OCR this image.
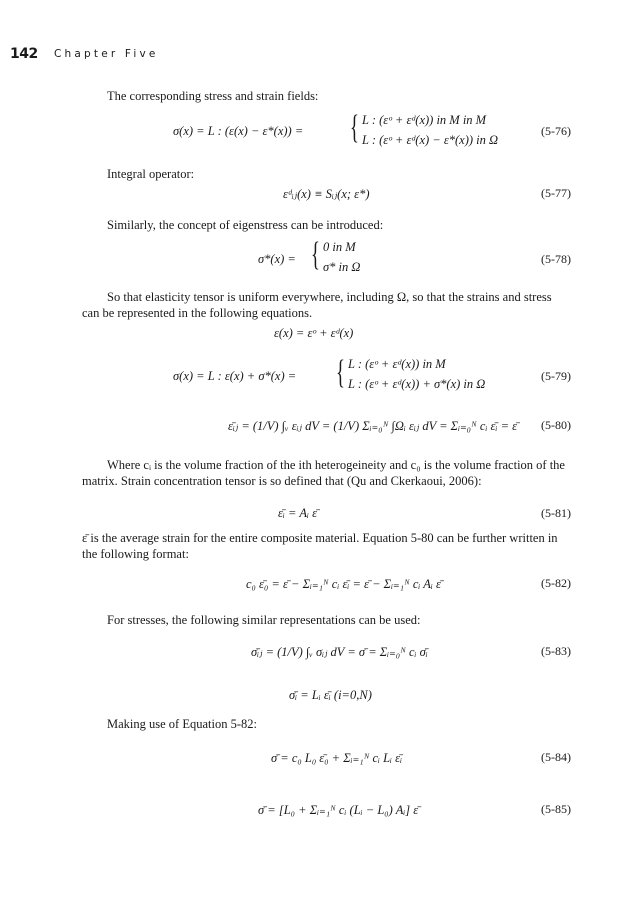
142 Chapter Five
The corresponding stress and strain fields:
σ(x) = L : (ε(x) − ε*(x)) = { L : (εᵒ + εᵈ(x)) in M in M
L : (εᵒ + εᵈ(x) − ε*(x)) in Ω
(5-76)
Integral operator:
εᵈᵢⱼ(x) ≡ Sᵢⱼ(x; ε*)	(5-77)
Similarly, the concept of eigenstress can be introduced:
σ*(x) = { 0 in M
σ* in Ω
(5-78)
So that elasticity tensor is uniform everywhere, including Ω, so that the strains and stress can be represented in the following equations.
ε(x) = εᵒ + εᵈ(x)
σ(x) = L : ε(x) + σ*(x) = { L : (εᵒ + εᵈ(x)) in M
L : (εᵒ + εᵈ(x)) + σ*(x) in Ω
(5-79)
ε̄ᵢⱼ = (1/V) ∫ᵥ εᵢⱼ dV = (1/V) Σᵢ₌₀ᴺ ∫Ωᵢ εᵢⱼ dV = Σᵢ₌₀ᴺ cᵢ ε̄ᵢ = ε̄ (5-80)
Where cᵢ is the volume fraction of the ith heterogeineity and c₀ is the volume fraction of the matrix. Strain concentration tensor is so defined that (Qu and Ckerkaoui, 2006):
ε̄ᵢ = Aᵢ ε̄	(5-81)
ε̄ is the average strain for the entire composite material. Equation 5-80 can be further written in the following format:
c₀ ε̄₀ = ε̄ − Σᵢ₌₁ᴺ cᵢ ε̄ᵢ = ε̄ − Σᵢ₌₁ᴺ cᵢ Aᵢ ε̄	(5-82)
For stresses, the following similar representations can be used:
σ̄ᵢⱼ = (1/V) ∫ᵥ σᵢⱼ dV = σ̄ = Σᵢ₌₀ᴺ cᵢ σ̄ᵢ	(5-83)
σ̄ᵢ = Lᵢ ε̄ᵢ (i=0,N)
Making use of Equation 5-82:
σ̄ = c₀ L₀ ε̄₀ + Σᵢ₌₁ᴺ cᵢ Lᵢ ε̄ᵢ	(5-84)
σ̄ = [L₀ + Σᵢ₌₁ᴺ cᵢ (Lᵢ − L₀) Aᵢ] ε̄	(5-85)
